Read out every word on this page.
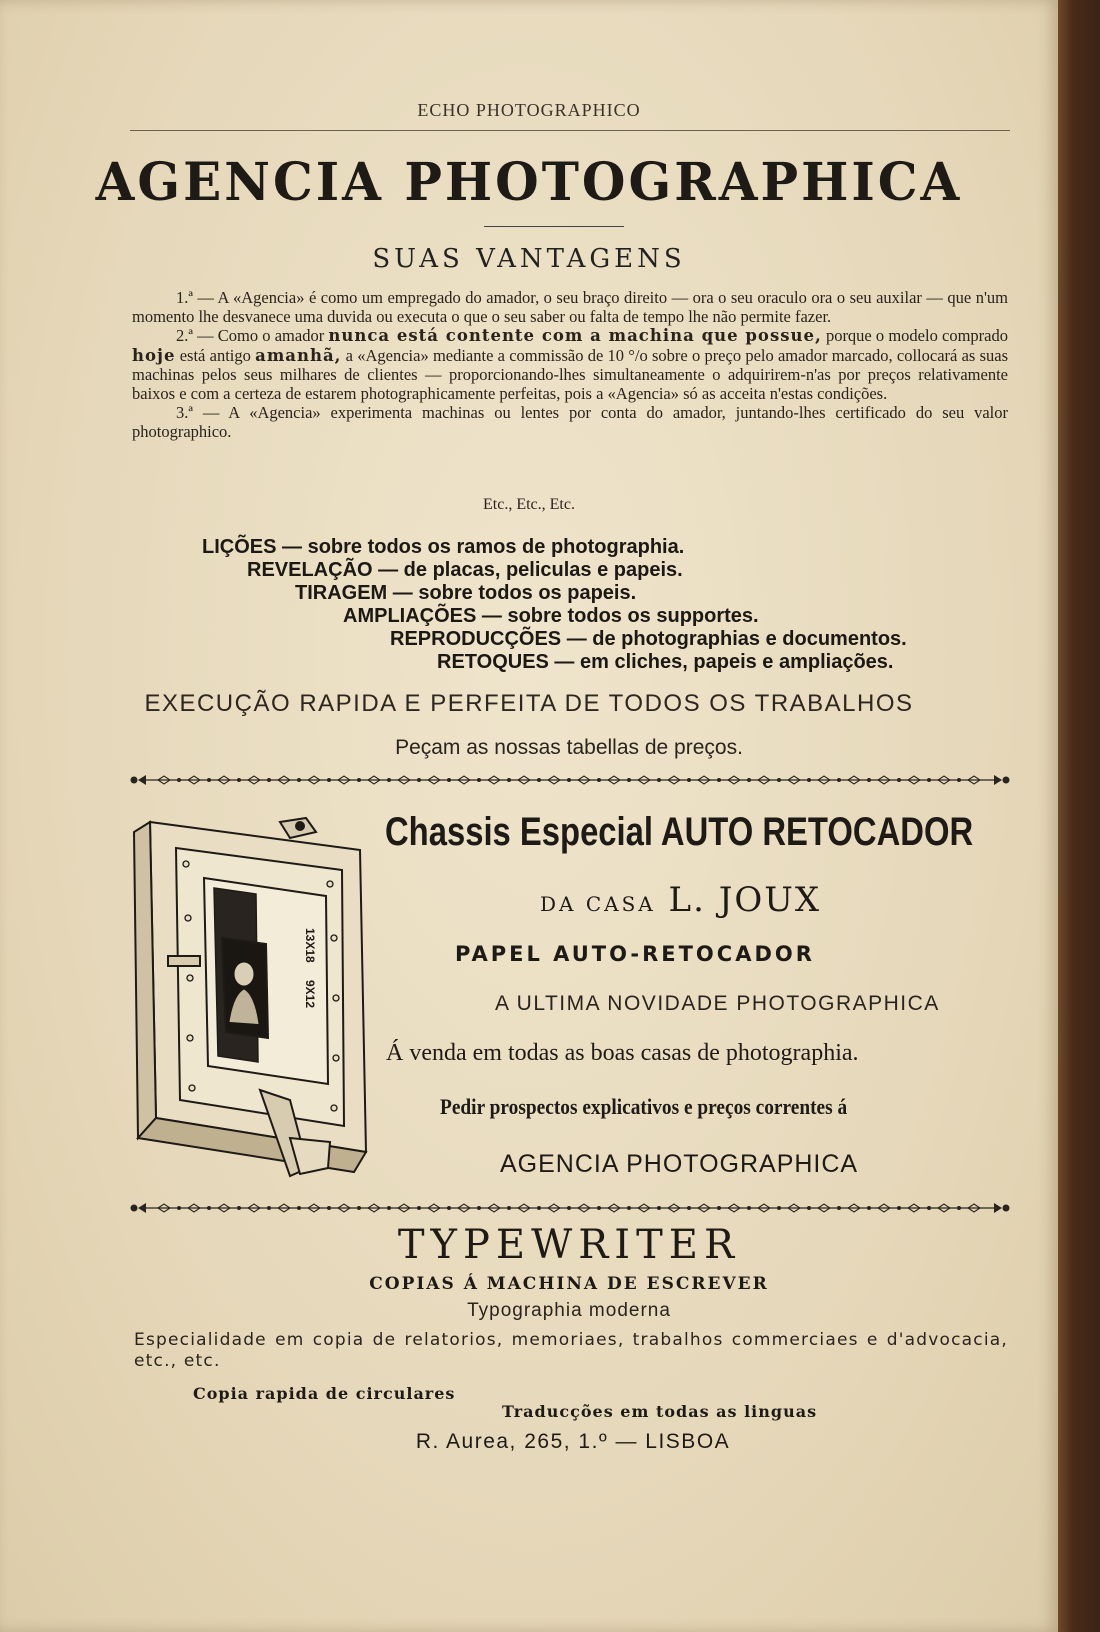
ECHO PHOTOGRAPHICO
AGENCIA PHOTOGRAPHICA
SUAS VANTAGENS

1.ª — A «Agencia» é como um empregado do amador, o seu braço direito — ora o seu oraculo ora o seu auxilar — que n'um momento lhe desvanece uma duvida ou executa o que o seu saber ou falta de tempo lhe não permite fazer.

2.ª — Como o amador nunca está contente com a machina que possue, porque o modelo comprado hoje está antigo amanhã, a «Agencia» mediante a commissão de 10 °/o sobre o preço pelo amador marcado, collocará as suas machinas pelos seus milhares de clientes — proporcionando-lhes simultaneamente o adquirirem-n'as por preços relativamente baixos e com a certeza de estarem photographicamente perfeitas, pois a «Agencia» só as acceita n'estas condições.

3.ª — A «Agencia» experimenta machinas ou lentes por conta do amador, juntando-lhes certificado do seu valor photographico.

Etc., Etc., Etc.
LIÇÕES — sobre todos os ramos de photographia.
REVELAÇÃO — de placas, peliculas e papeis.
TIRAGEM — sobre todos os papeis.
AMPLIAÇÕES — sobre todos os supportes.
REPRODUCÇÕES — de photographias e documentos.
RETOQUES — em cliches, papeis e ampliações.
EXECUÇÃO RAPIDA E PERFEITA DE TODOS OS TRABALHOS
Peçam as nossas tabellas de preços.
13X18
9X12
Chassis Especial AUTO RETOCADOR
DA CASA L. JOUX
PAPEL AUTO-RETOCADOR
A ULTIMA NOVIDADE PHOTOGRAPHICA
Á venda em todas as boas casas de photographia.
Pedir prospectos explicativos e preços correntes á
AGENCIA PHOTOGRAPHICA
TYPEWRITER
COPIAS Á MACHINA DE ESCREVER
Typographia moderna
Especialidade em copia de relatorios, memoriaes, trabalhos commerciaes e d'advocacia, etc., etc.
Copia rapida de circulares
Traducções em todas as linguas
R. Aurea, 265, 1.º — LISBOA
